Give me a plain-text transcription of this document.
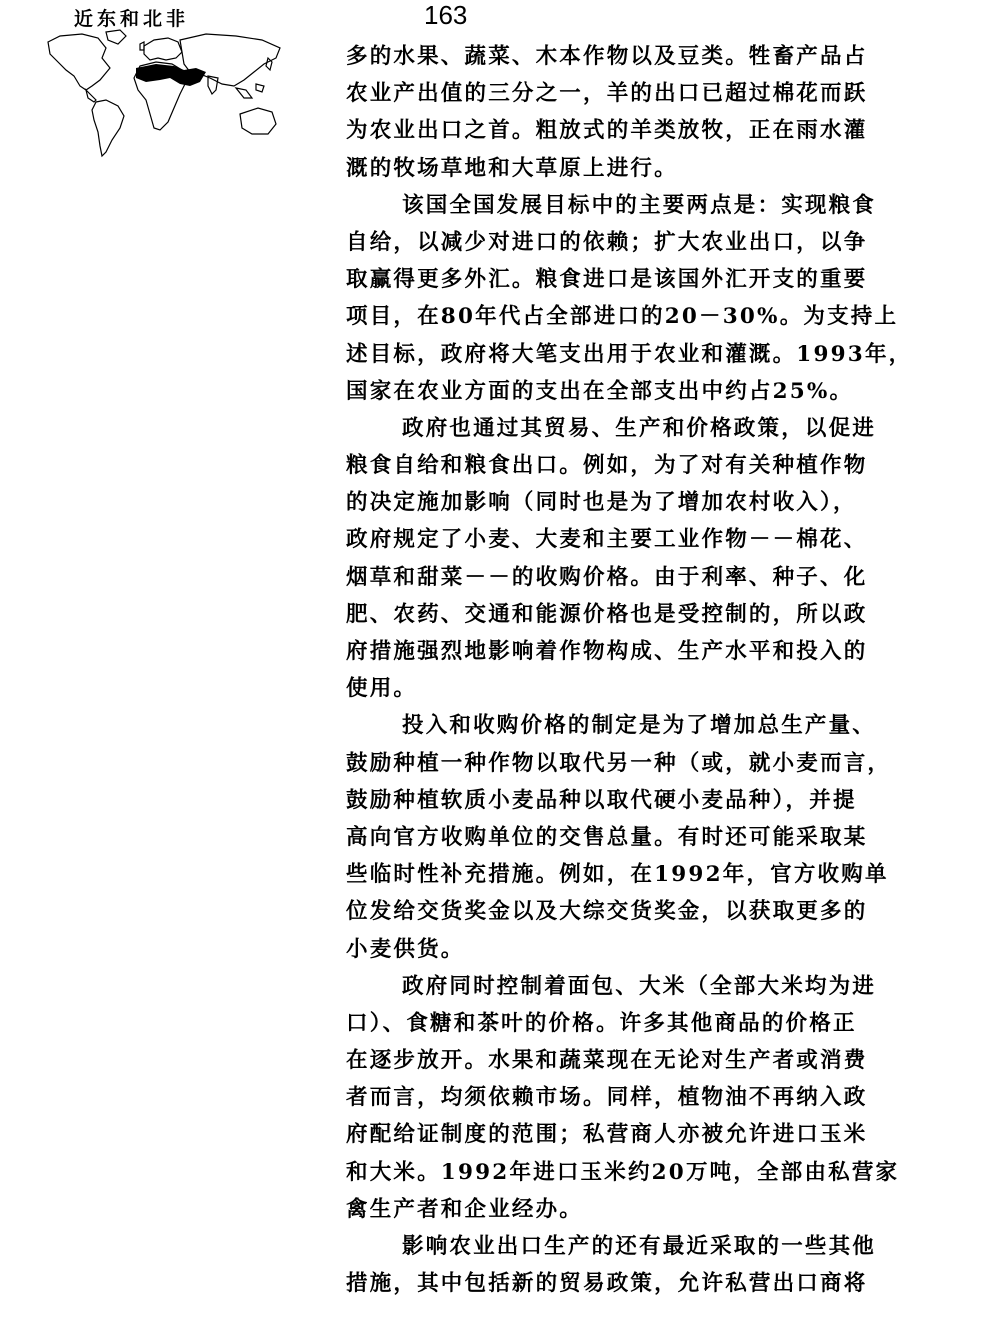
近东和北非	163
多的水果、蔬菜、木本作物以及豆类。牲畜产品占
农业产出值的三分之一，羊的出口已超过棉花而跃
为农业出口之首。粗放式的羊类放牧，正在雨水灌
溉的牧场草地和大草原上进行。
该国全国发展目标中的主要两点是：实现粮食
自给，以减少对进口的依赖；扩大农业出口，以争
取赢得更多外汇。粮食进口是该国外汇开支的重要
项目，在80年代占全部进口的20－30%。为支持上
述目标，政府将大笔支出用于农业和灌溉。1993年，
国家在农业方面的支出在全部支出中约占25%。
政府也通过其贸易、生产和价格政策，以促进
粮食自给和粮食出口。例如，为了对有关种植作物
的决定施加影响（同时也是为了增加农村收入），
政府规定了小麦、大麦和主要工业作物－－棉花、
烟草和甜菜－－的收购价格。由于利率、种子、化
肥、农药、交通和能源价格也是受控制的，所以政
府措施强烈地影响着作物构成、生产水平和投入的
使用。
投入和收购价格的制定是为了增加总生产量、
鼓励种植一种作物以取代另一种（或，就小麦而言，
鼓励种植软质小麦品种以取代硬小麦品种），并提
高向官方收购单位的交售总量。有时还可能采取某
些临时性补充措施。例如，在1992年，官方收购单
位发给交货奖金以及大综交货奖金，以获取更多的
小麦供货。
政府同时控制着面包、大米（全部大米均为进
口）、食糖和茶叶的价格。许多其他商品的价格正
在逐步放开。水果和蔬菜现在无论对生产者或消费
者而言，均须依赖市场。同样，植物油不再纳入政
府配给证制度的范围；私营商人亦被允许进口玉米
和大米。1992年进口玉米约20万吨，全部由私营家
禽生产者和企业经办。
影响农业出口生产的还有最近采取的一些其他
措施，其中包括新的贸易政策，允许私营出口商将
